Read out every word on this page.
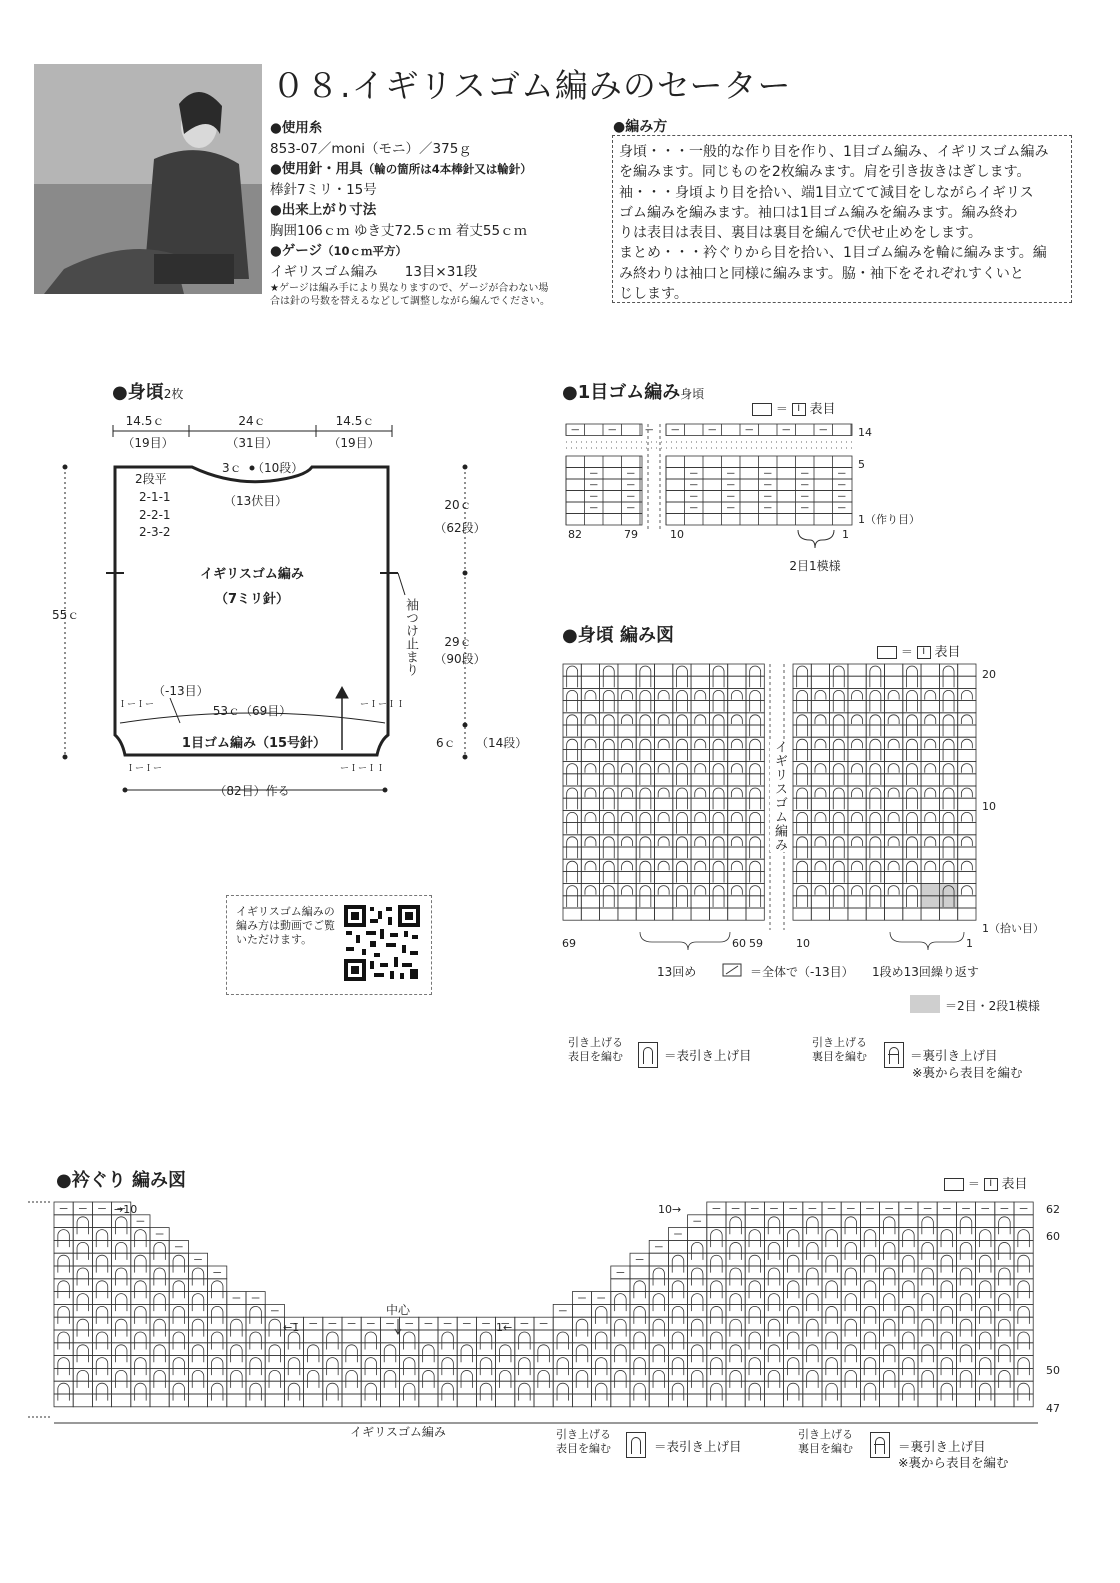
０８.イギリスゴム編みのセーター
●使用糸
853-07／moni（モニ）／375ｇ
●使用針・用具（輪の箇所は4本棒針又は輪針）
棒針7ミリ・15号
●出来上がり寸法
胸囲106ｃｍ ゆき丈72.5ｃｍ 着丈55ｃｍ
●ゲージ（10ｃｍ平方）
イギリスゴム編み　　13目×31段
★ゲージは編み手により異なりますので、ゲージが合わない場
合は針の号数を替えるなどして調整しながら編んでください。
●編み方
身頃・・・一般的な作り目を作り、1目ゴム編み、イギリスゴム編み
を編みます。同じものを2枚編みます。肩を引き抜きはぎします。
袖・・・身頃より目を拾い、端1目立てて減目をしながらイギリス
ゴム編みを編みます。袖口は1目ゴム編みを編みます。編み終わ
りは表目は表目、裏目は裏目を編んで伏せ止めをします。
まとめ・・・衿ぐりから目を拾い、1目ゴム編みを輪に編みます。編
み終わりは袖口と同様に編みます。脇・袖下をそれぞれすくいと
じします。
●身頃2枚
14.5ｃ	24ｃ	14.5ｃ
（19目）	（31目）	（19目）
3ｃ （10段）
（13伏目）
2段平
2-1-1
2-2-1
2-3-2
イギリスゴム編み
（7ミリ針）
55ｃ
20ｃ
（62段）
29ｃ
（90段）
6ｃ （14段）
（-13目）
53ｃ（69目）
1目ゴム編み（15号針）
（82目）作る
ＩーＩー	ーＩーＩＩ
ＩーＩー	ーＩーＩＩ
袖つけ止まり
イギリスゴム編みの編み方は動画でご覧いただけます。
●1目ゴム編み身頃
＝ I 表目
14
5
1（作り目）
82	79	10	1
2目1模様
●身頃 編み図
＝ I 表目
20
10
1（拾い目）
69	60 59	10	1
13回め	＝全体で（-13目） 1段め13回繰り返す
＝2目・2段1模様
イギリスゴム編み
引き上げる
表目を編む	＝表引き上げ目
引き上げる
裏目を編む	＝裏引き上げ目
※裏から表目を編む
●衿ぐり 編み図	＝ I 表目
→10	10→
←1	1←
中心
62
60
50
47
イギリスゴム編み	引き上げる
表目を編む	＝表引き上げ目
引き上げる
裏目を編む	＝裏引き上げ目
※裏から表目を編む
